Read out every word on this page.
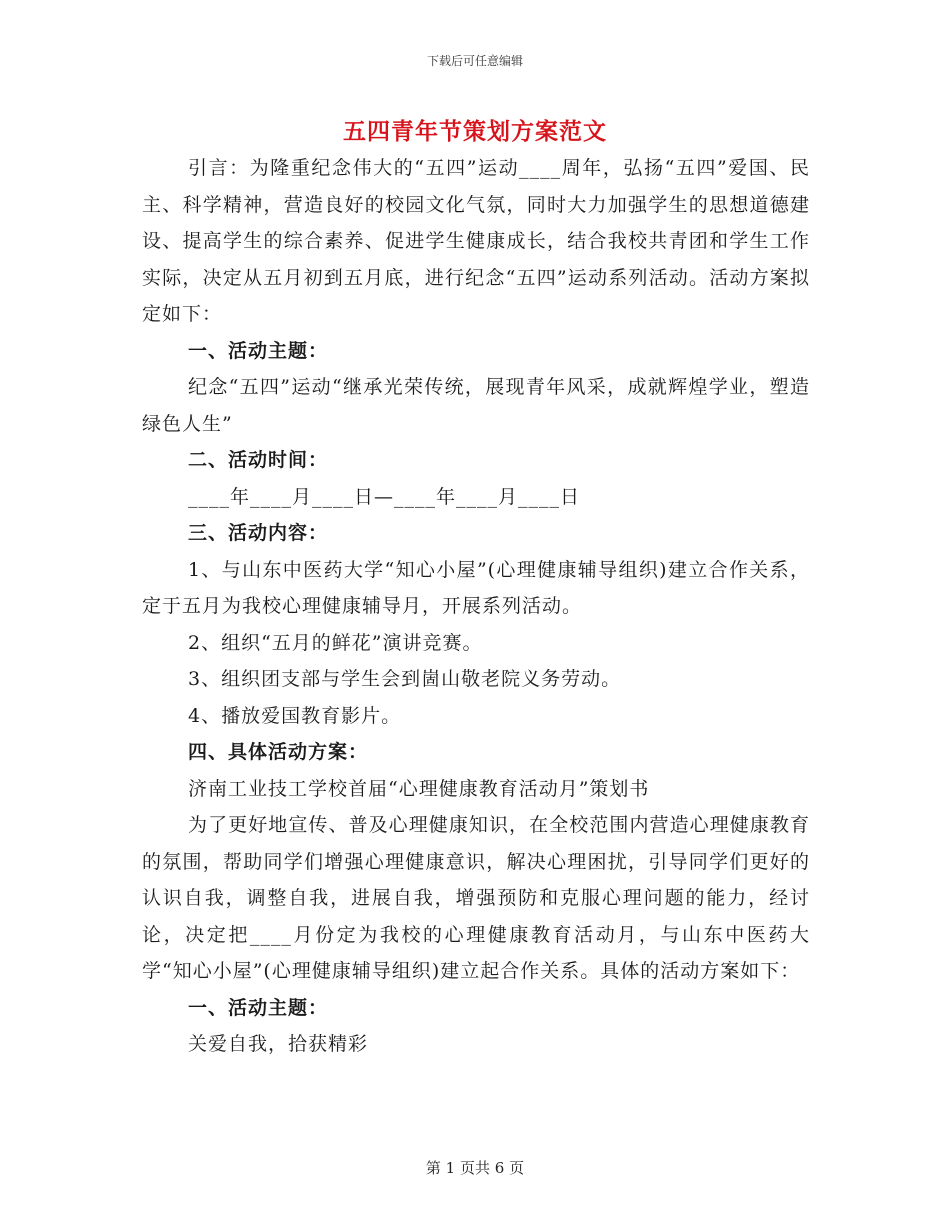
下载后可任意编辑
五四青年节策划方案范文

引言：为隆重纪念伟大的“五四”运动____周年，弘扬“五四”爱国、民主、科学精神，营造良好的校园文化气氛，同时大力加强学生的思想道德建设、提高学生的综合素养、促进学生健康成长，结合我校共青团和学生工作实际，决定从五月初到五月底，进行纪念“五四”运动系列活动。活动方案拟定如下：

一、活动主题：

纪念“五四”运动“继承光荣传统，展现青年风采，成就辉煌学业，塑造绿色人生”

二、活动时间：

____年____月____日—____年____月____日

三、活动内容：

1、与山东中医药大学“知心小屋”(心理健康辅导组织)建立合作关系，定于五月为我校心理健康辅导月，开展系列活动。

2、组织“五月的鲜花”演讲竞赛。

3、组织团支部与学生会到崮山敬老院义务劳动。

4、播放爱国教育影片。

四、具体活动方案：

济南工业技工学校首届“心理健康教育活动月”策划书

为了更好地宣传、普及心理健康知识，在全校范围内营造心理健康教育的氛围，帮助同学们增强心理健康意识，解决心理困扰，引导同学们更好的认识自我，调整自我，进展自我，增强预防和克服心理问题的能力，经讨论，决定把____月份定为我校的心理健康教育活动月，与山东中医药大学“知心小屋”(心理健康辅导组织)建立起合作关系。具体的活动方案如下：

一、活动主题：

关爱自我，拾获精彩

第 1 页共 6 页
